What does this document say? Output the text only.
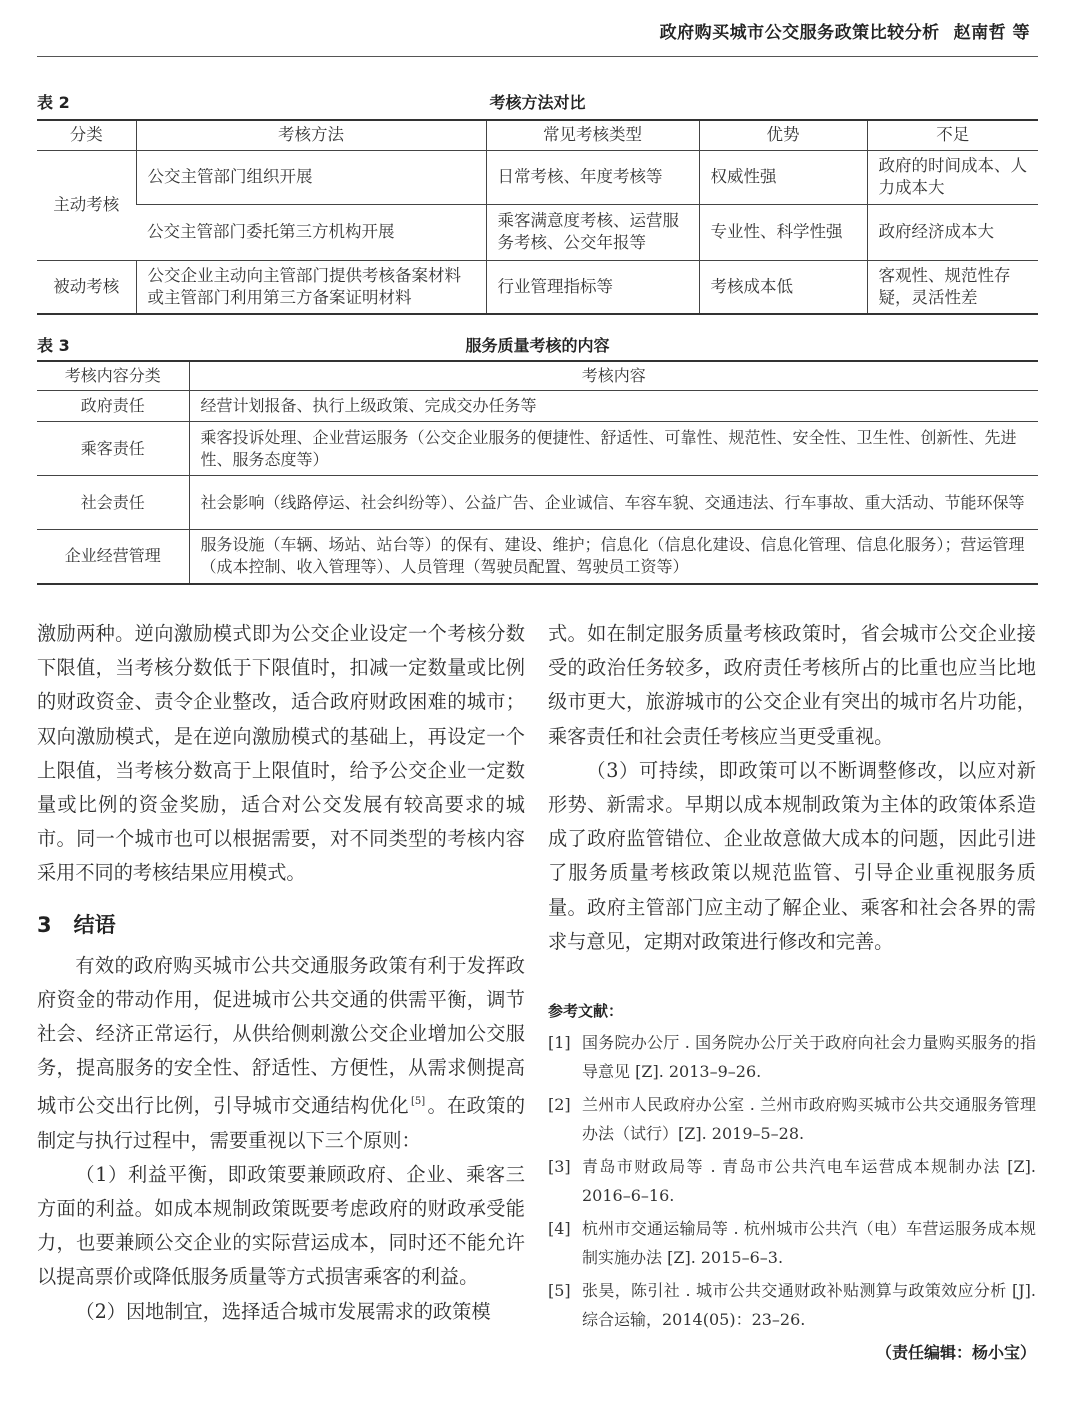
政府购买城市公交服务政策比较分析 赵南哲 等
表 2	考核方法对比
分类	考核方法	常见考核类型	优势	不足
主动考核	公交主管部门组织开展	日常考核、年度考核等	权威性强	政府的时间成本、人力成本大
	公交主管部门委托第三方机构开展	乘客满意度考核、运营服务考核、公交年报等	专业性、科学性强	政府经济成本大
被动考核	公交企业主动向主管部门提供考核备案材料或主管部门利用第三方备案证明材料	行业管理指标等	考核成本低	客观性、规范性存疑，灵活性差
表 3	服务质量考核的内容
考核内容分类	考核内容
政府责任	经营计划报备、执行上级政策、完成交办任务等
乘客责任	乘客投诉处理、企业营运服务（公交企业服务的便捷性、舒适性、可靠性、规范性、安全性、卫生性、创新性、先进性、服务态度等）
社会责任	社会影响（线路停运、社会纠纷等）、公益广告、企业诚信、车容车貌、交通违法、行车事故、重大活动、节能环保等
企业经营管理	服务设施（车辆、场站、站台等）的保有、建设、维护；信息化（信息化建设、信息化管理、信息化服务）；营运管理（成本控制、收入管理等）、人员管理（驾驶员配置、驾驶员工资等）

激励两种。逆向激励模式即为公交企业设定一个考核分数下限值，当考核分数低于下限值时，扣减一定数量或比例的财政资金、责令企业整改，适合政府财政困难的城市；双向激励模式，是在逆向激励模式的基础上，再设定一个上限值，当考核分数高于上限值时，给予公交企业一定数量或比例的资金奖励，适合对公交发展有较高要求的城市。同一个城市也可以根据需要，对不同类型的考核内容采用不同的考核结果应用模式。

3 结语

有效的政府购买城市公共交通服务政策有利于发挥政府资金的带动作用，促进城市公共交通的供需平衡，调节社会、经济正常运行，从供给侧刺激公交企业增加公交服务，提高服务的安全性、舒适性、方便性，从需求侧提高城市公交出行比例，引导城市交通结构优化 [5] 。在政策的制定与执行过程中，需要重视以下三个原则：

（1）利益平衡，即政策要兼顾政府、企业、乘客三方面的利益。如成本规制政策既要考虑政府的财政承受能力，也要兼顾公交企业的实际营运成本，同时还不能允许以提高票价或降低服务质量等方式损害乘客的利益。

（2）因地制宜，选择适合城市发展需求的政策模

式。如在制定服务质量考核政策时，省会城市公交企业接受的政治任务较多，政府责任考核所占的比重也应当比地级市更大，旅游城市的公交企业有突出的城市名片功能，乘客责任和社会责任考核应当更受重视。

（3）可持续，即政策可以不断调整修改，以应对新形势、新需求。早期以成本规制政策为主体的政策体系造成了政府监管错位、企业故意做大成本的问题，因此引进了服务质量考核政策以规范监管、引导企业重视服务质量。政府主管部门应主动了解企业、乘客和社会各界的需求与意见，定期对政策进行修改和完善。

参考文献：
[1] 国务院办公厅 . 国务院办公厅关于政府向社会力量购买服务的指导意见 [Z]. 2013–9–26.
[2] 兰州市人民政府办公室 . 兰州市政府购买城市公共交通服务管理办法（试行）[Z]. 2019–5–28.
[3] 青岛市财政局等 . 青岛市公共汽电车运营成本规制办法 [Z]. 2016–6–16.
[4] 杭州市交通运输局等 . 杭州城市公共汽（电）车营运服务成本规制实施办法 [Z]. 2015–6–3.
[5] 张昊，陈引社 . 城市公共交通财政补贴测算与政策效应分析 [J]. 综合运输，2014(05)：23–26.
（责任编辑：杨小宝）
